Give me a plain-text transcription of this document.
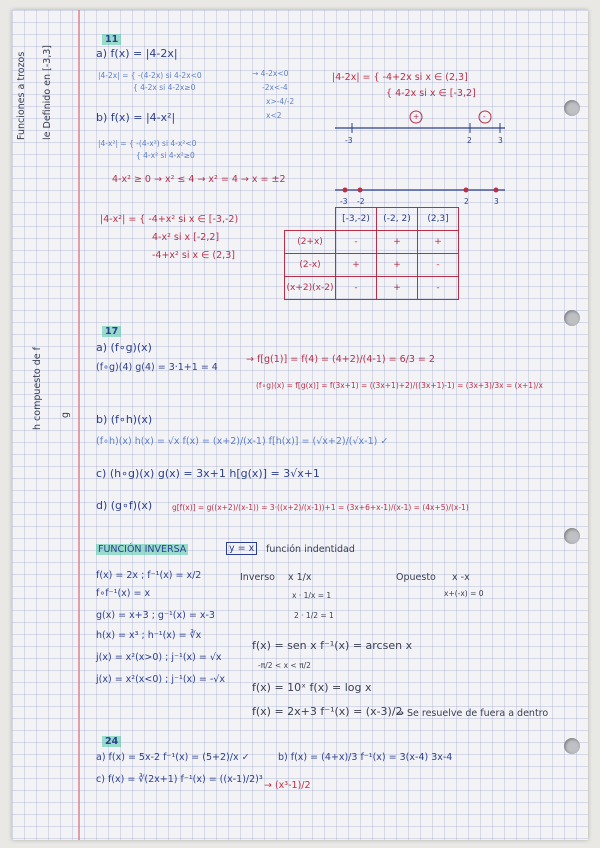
Funciones a trozos le Definido en [-3,3]
h compuesto de f g
11
a) f(x) = |4-2x|
|4-2x| = { -(4-2x) si 4-2x<0
{ 4-2x si 4-2x≥0
→ 4-2x<0
-2x<-4
x>-4/-2
x<2
|4-2x| = { -4+2x si x ∈ (2,3]
{ 4-2x si x ∈ [-3,2]
-3	2	3
+	-
b) f(x) = |4-x²|
|4-x²| = { -(4-x²) si 4-x²<0
{ 4-x² si 4-x²≥0
4-x² ≥ 0 → x² ≤ 4 → x² = 4 → x = ±2
-3 -2	2	3
|4-x²| = { -4+x² si x ∈ [-3,-2)
4-x² si x [-2,2]
-4+x² si x ∈ (2,3]
	[-3,-2)	(-2, 2)	(2,3]
(2+x)	-	+	+
(2-x)	+	+	-
(x+2)(x-2)	-	+	-
17
a) (f∘g)(x)
(f∘g)(4) g(4) = 3·1+1 = 4
→ f[g(1)] = f(4) = (4+2)/(4-1) = 6/3 = 2
(f∘g)(x) = f[g(x)] = f(3x+1) = ((3x+1)+2)/((3x+1)-1) = (3x+3)/3x = (x+1)/x
b) (f∘h)(x)
(f∘h)(x) h(x) = √x f(x) = (x+2)/(x-1) f[h(x)] = (√x+2)/(√x-1) ✓
c) (h∘g)(x) g(x) = 3x+1 h[g(x)] = 3√x+1
d) (g∘f)(x)	g[f(x)] = g((x+2)/(x-1)) = 3·((x+2)/(x-1))+1 = (3x+6+x-1)/(x-1) = (4x+5)/(x-1)
FUNCIÓN INVERSA	y = x	función indentidad
f(x) = 2x ; f⁻¹(x) = x/2
f∘f⁻¹(x) = x
g(x) = x+3 ; g⁻¹(x) = x-3
h(x) = x³ ; h⁻¹(x) = ∛x
j(x) = x²(x>0) ; j⁻¹(x) = √x
j(x) = x²(x<0) ; j⁻¹(x) = -√x
Inverso x 1/x
x · 1/x = 1
2 · 1/2 = 1
Opuesto x -x
x+(-x) = 0
f(x) = sen x f⁻¹(x) = arcsen x
-π/2 < x < π/2
f(x) = 10ˣ f(x) = log x
f(x) = 2x+3 f⁻¹(x) = (x-3)/2
→ Se resuelve de fuera a dentro
24
a) f(x) = 5x-2 f⁻¹(x) = (5+2)/x ✓	b) f(x) = (4+x)/3 f⁻¹(x) = 3(x-4) 3x-4
c) f(x) = ∛(2x+1) f⁻¹(x) = ((x-1)/2)³
→ (x³-1)/2
